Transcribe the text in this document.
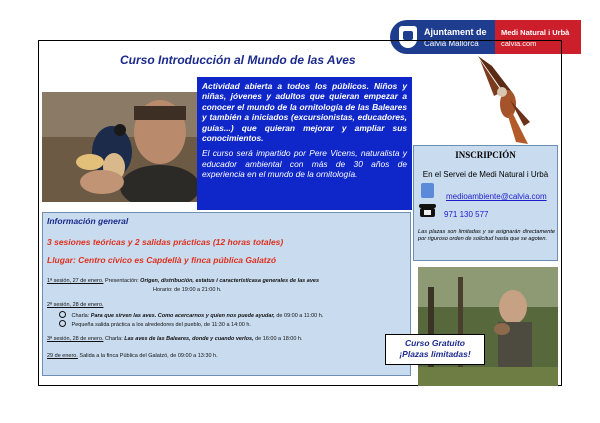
Ajuntament de
Calvià Mallorca
Medi Natural i Urbà
calvia.com
Curso Introducción al Mundo de las Aves

Actividad abierta a todos los públicos. Niños y niñas, jóvenes y adultos que quieran empezar a conocer el mundo de la ornitología de las Baleares y también a iniciados (excursionistas, educadores, guías...) que quieran mejorar y ampliar sus conocimientos.

El curso será impartido por Pere Vicens, naturalista y educador ambiental con más de 30 años de experiencia en el mundo de la ornitología.

INSCRIPCIÓN
En el Servei de Medi Natural i Urbà
medioambiente@calvia.com
971 130 577
Las plazas son limitadas y se asignarán directamente por riguroso orden de solicitud hasta que se agoten.
Información general
3 sesiones teóricas y 2 salidas prácticas (12 horas totales)
Llugar: Centro cívico es Capdellà y finca pública Galatzó
1ª sesión, 27 de enero. Presentación: Origen, distribución, estatus i característicasa generales de las aves
Horario: de 19:00 a 21:00 h.
2ª sesión, 28 de enero.
Charla: Para que sirven las aves. Como acercarnos y quien nos puede ayudar, de 09:00 a 11:00 h.
Pequeña salida práctica a los alrededores del pueblo, de 11:30 a 14:00 h.
3ª sesión, 28 de enero. Charla: Las aves de las Baleares, donde y cuando verlos, de 16:00 a 18:00 h.
29 de enero. Salida a la finca Pública del Galatzó, de 09:00 a 13:30 h.
Curso Gratuito
¡Plazas limitadas!
